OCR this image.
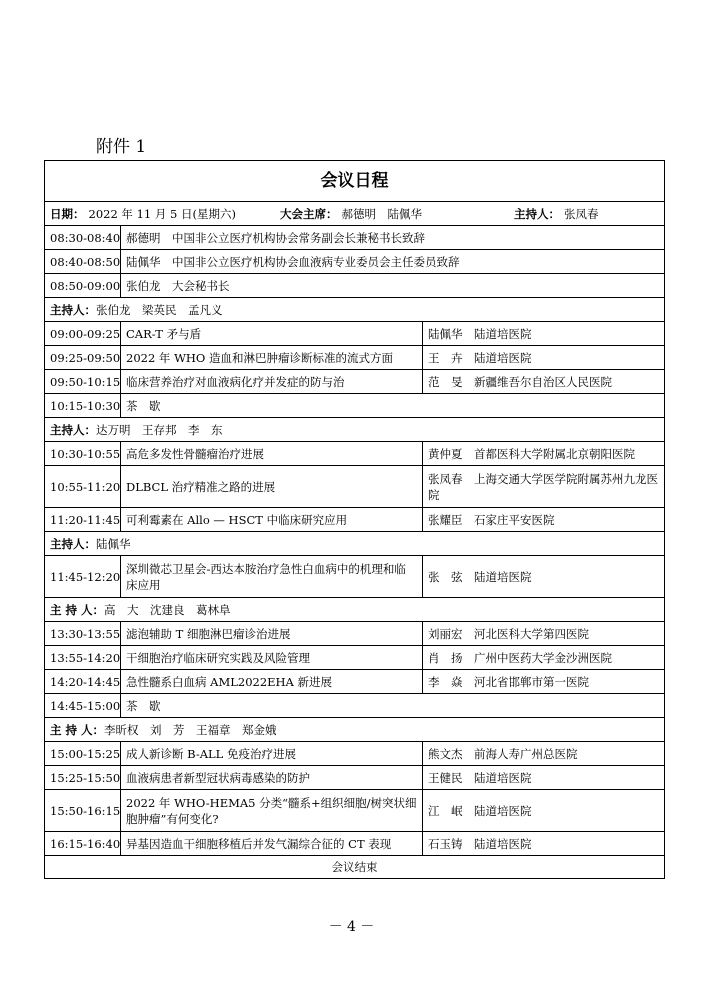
附件 1
会议日程		
日期： 2022 年 11 月 5 日(星期六) 大会主席： 郝德明　陆佩华 主持人： 张凤春		
08:30-08:40	郝德明　中国非公立医疗机构协会常务副会长兼秘书长致辞	
08:40-08:50	陆佩华　中国非公立医疗机构协会血液病专业委员会主任委员致辞	
08:50-09:00	张伯龙　大会秘书长	
主持人：张伯龙　梁英民　孟凡义		
09:00-09:25	CAR-T 矛与盾	陆佩华　陆道培医院
09:25-09:50	2022 年 WHO 造血和淋巴肿瘤诊断标准的流式方面	王　卉　陆道培医院
09:50-10:15	临床营养治疗对血液病化疗并发症的防与治	范　旻　新疆维吾尔自治区人民医院
10:15-10:30	茶　歇	
主持人：达万明　王存邦　李　东		
10:30-10:55	高危多发性骨髓瘤治疗进展	黄仲夏　首都医科大学附属北京朝阳医院
10:55-11:20	DLBCL 治疗精准之路的进展	张凤春　上海交通大学医学院附属苏州九龙医院
11:20-11:45	可利霉素在 Allo — HSCT 中临床研究应用	张耀臣　石家庄平安医院
主持人：陆佩华		
11:45-12:20	深圳微芯卫星会-西达本胺治疗急性白血病中的机理和临床应用	张　弦　陆道培医院
主 持 人：高　大　沈建良　葛林阜		
13:30-13:55	滤泡辅助 T 细胞淋巴瘤诊治进展	刘丽宏　河北医科大学第四医院
13:55-14:20	干细胞治疗临床研究实践及风险管理	肖　扬　广州中医药大学金沙洲医院
14:20-14:45	急性髓系白血病 AML2022EHA 新进展	李　焱　河北省邯郸市第一医院
14:45-15:00	茶　歇	
主 持 人：李昕权　刘　芳　王福章　郑金娥		
15:00-15:25	成人新诊断 B-ALL 免疫治疗进展	熊文杰　前海人寿广州总医院
15:25-15:50	血液病患者新型冠状病毒感染的防护	王健民　陆道培医院
15:50-16:15	2022 年 WHO-HEMA5 分类“髓系+组织细胞/树突状细胞肿瘤”有何变化?	江　岷　陆道培医院
16:15-16:40	异基因造血干细胞移植后并发气漏综合征的 CT 表现	石玉铸　陆道培医院
会议结束		
－ 4 －
